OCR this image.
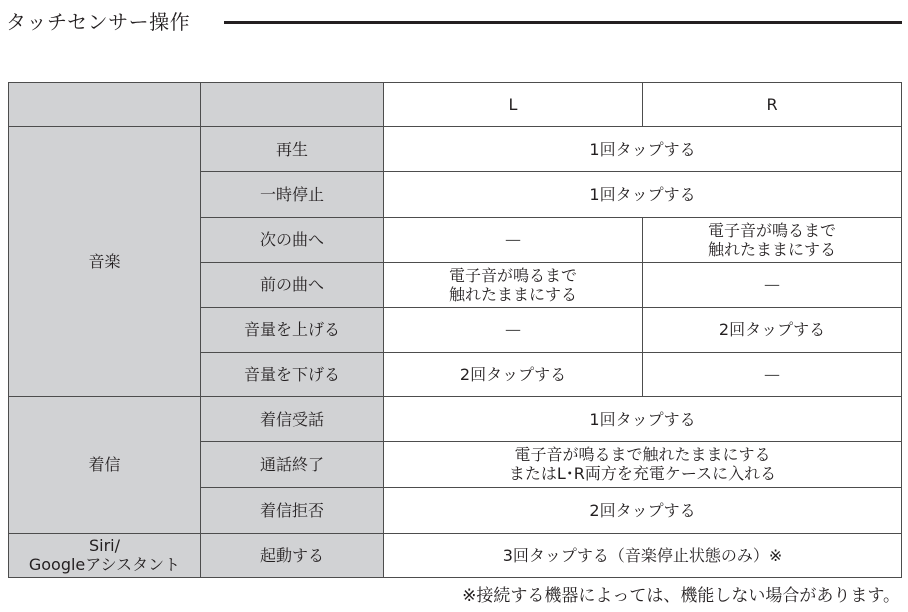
タッチセンサー操作
		L	R
音楽	再生	1回タップする	
	一時停止	1回タップする	
	次の曲へ	—	電子音が鳴るまで
触れたままにする

	前の曲へ	電子音が鳴るまで
触れたままにする	—
	音量を上げる	—	2回タップする
	音量を下げる	2回タップする	—
着信	着信受話	1回タップする	
	通話終了	電子音が鳴るまで触れたままにする
またはL･R両方を充電ケースに入れる	

	着信拒否	2回タップする	

Siri/
Googleアシスタント	起動する	3回タップする（音楽停止状態のみ）※	
※接続する機器によっては、機能しない場合があります。
